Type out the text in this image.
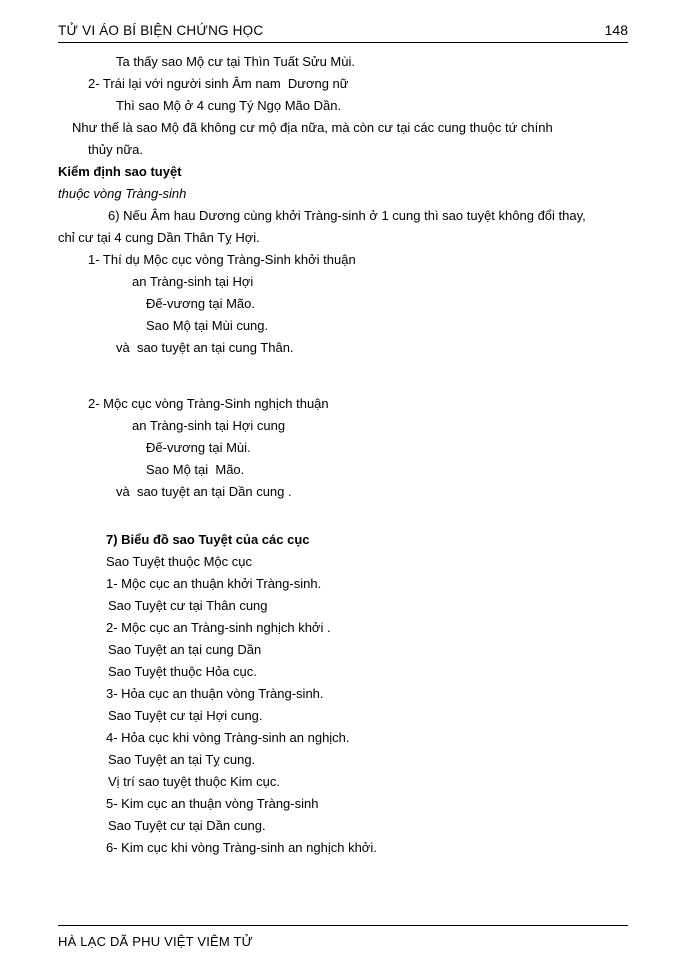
TỬ VI ÁO BÍ BIỆN CHỨNG HỌC	148

Ta thấy sao Mộ cư tại Thìn Tuất Sửu Mùi.

2- Trái lại với người sinh Âm nam  Dương nữ

Thì sao Mộ ở 4 cung Tý Ngọ Mão Dần.

Như thế là sao Mộ đã không cư mộ địa nữa, mà còn cư tại các cung thuộc tứ chính

thủy nữa.

Kiểm định sao tuyệt

thuộc vòng Tràng-sinh

6) Nếu Âm hau Dương cùng khởi Tràng-sinh ở 1 cung thì sao tuyệt không đổi thay,

chỉ cư tại 4 cung Dần Thân Tỵ Hợi.

1- Thí dụ Mộc cục vòng Tràng-Sinh khởi thuận

an Tràng-sinh tại Hợi

Đế-vương tại Mão.

Sao Mộ tại Mùi cung.

và  sao tuyệt an tại cung Thân.

2- Mộc cục vòng Tràng-Sinh nghịch thuận

an Tràng-sinh tại Hợi cung

Đế-vương tại Mùi.

Sao Mộ tại  Mão.

và  sao tuyệt an tại Dần cung .

7) Biểu đồ sao Tuyệt của các cục

Sao Tuyệt thuộc Mộc cục

1- Mộc cục an thuận khởi Tràng-sinh.

Sao Tuyệt cư tại Thân cung

2- Mộc cục an Tràng-sinh nghịch khởi .

Sao Tuyệt an tại cung Dần

Sao Tuyệt thuộc Hỏa cục.

3- Hỏa cục an thuận vòng Tràng-sinh.

Sao Tuyệt cư tại Hợi cung.

4- Hỏa cục khi vòng Tràng-sinh an nghịch.

Sao Tuyệt an tại Tỵ cung.

Vị trí sao tuyệt thuộc Kim cục.

5- Kim cục an thuận vòng Tràng-sinh

Sao Tuyệt cư tại Dần cung.

6- Kim cục khi vòng Tràng-sinh an nghịch khởi.

HÀ LẠC DÃ PHU VIỆT VIÊM TỬ
